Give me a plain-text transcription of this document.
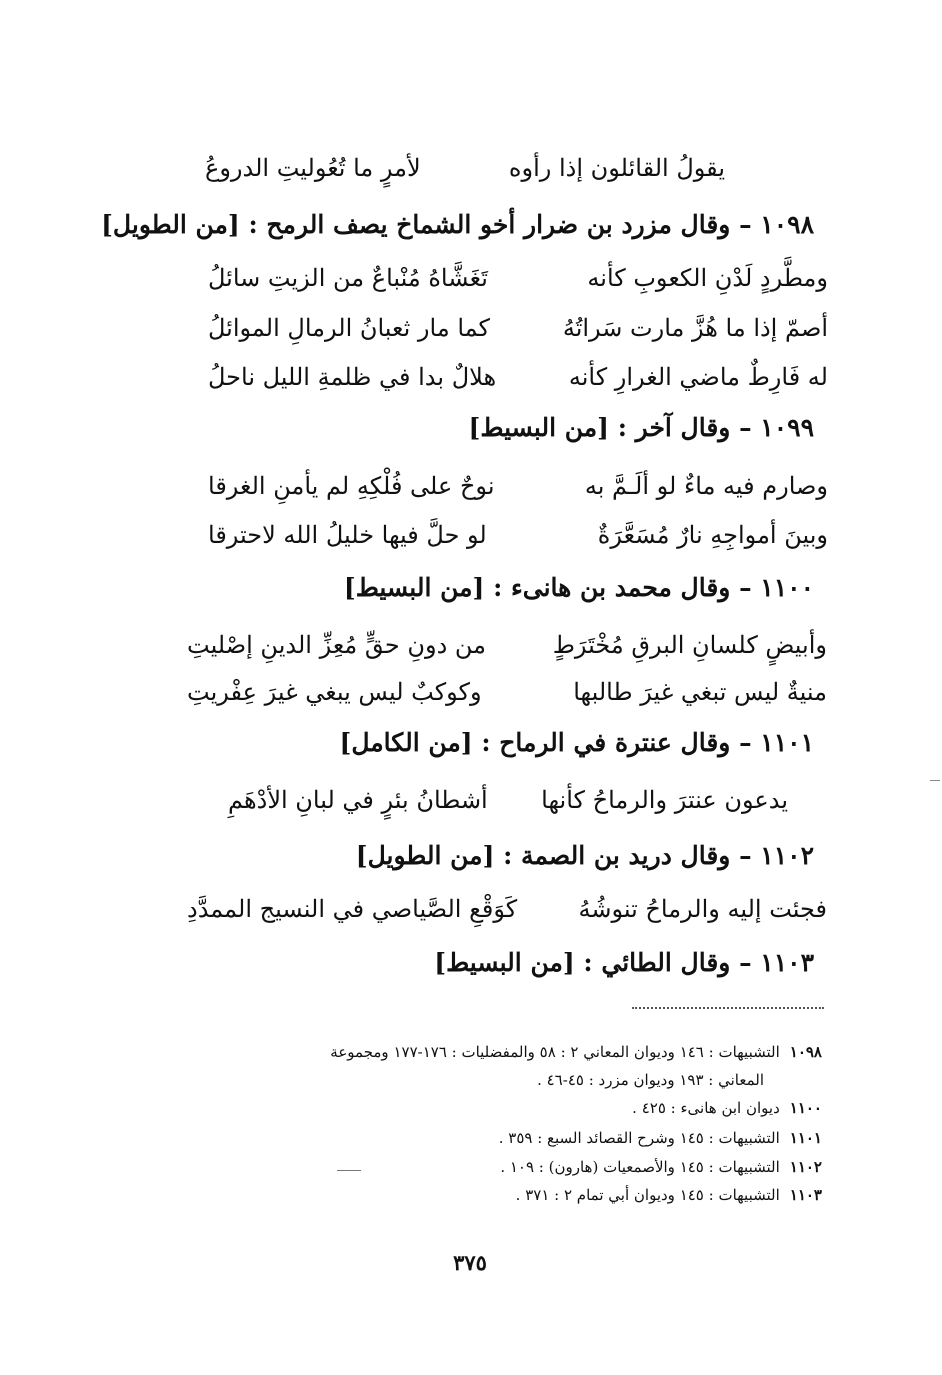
يقولُ القائلون إذا رأوه
لأمرٍ ما تُعُوليتِ الدروعُ
١٠٩٨ – وقال مزرد بن ضرار أخو الشماخ يصف الرمح : [من الطويل]
ومطَّردٍ لَدْنِ الكعوبِ كأنه
تَغَشَّاهُ مُنْباعٌ من الزيتِ سائلُ
أصمّ إذا ما هُزَّ مارت سَراتُهُ
كما مار ثعبانُ الرمالِ الموائلُ
له فَارِطٌ ماضي الغرارِ كأنه
هلالٌ بدا في ظلمةِ الليل ناحلُ
١٠٩٩ – وقال آخر : [من البسيط]
وصارم فيه ماءٌ لو ألَـمَّ به
نوحٌ على فُلْكِهِ لم يأمنِ الغرقا
وبينَ أمواجِهِ نارٌ مُسَعَّرَةٌ
لو حلَّ فيها خليلُ الله لاحترقا
١١٠٠ – وقال محمد بن هانىء : [من البسيط]
وأبيضٍ كلسانِ البرقِ مُخْتَرَطٍ
من دونِ حقٍّ مُعِزِّ الدينِ إصْليتِ
منيةٌ ليس تبغي غيرَ طالبها
وكوكبٌ ليس يبغي غيرَ عِفْريتِ
١١٠١ – وقال عنترة في الرماح : [من الكامل]
يدعون عنترَ والرماحُ كأنها
أشطانُ بئرٍ في لبانِ الأدْهَمِ
١١٠٢ – وقال دريد بن الصمة : [من الطويل]
فجئت إليه والرماحُ تنوشُهُ
كَوَقْعِ الصَّياصي في النسيج الممدَّدِ
١١٠٣ – وقال الطائي : [من البسيط]
١٠٩٨التشبيهات : ١٤٦ وديوان المعاني ٢ : ٥٨ والمفضليات : ١٧٦-١٧٧ ومجموعة
المعاني : ١٩٣ وديوان مزرد : ٤٥-٤٦ .
١١٠٠ديوان ابن هانىء : ٤٢٥ .
١١٠١التشبيهات : ١٤٥ وشرح القصائد السبع : ٣٥٩ .
١١٠٢التشبيهات : ١٤٥ والأصمعيات (هارون) : ١٠٩ .
١١٠٣التشبيهات : ١٤٥ وديوان أبي تمام ٢ : ٣٧١ .
٣٧٥
